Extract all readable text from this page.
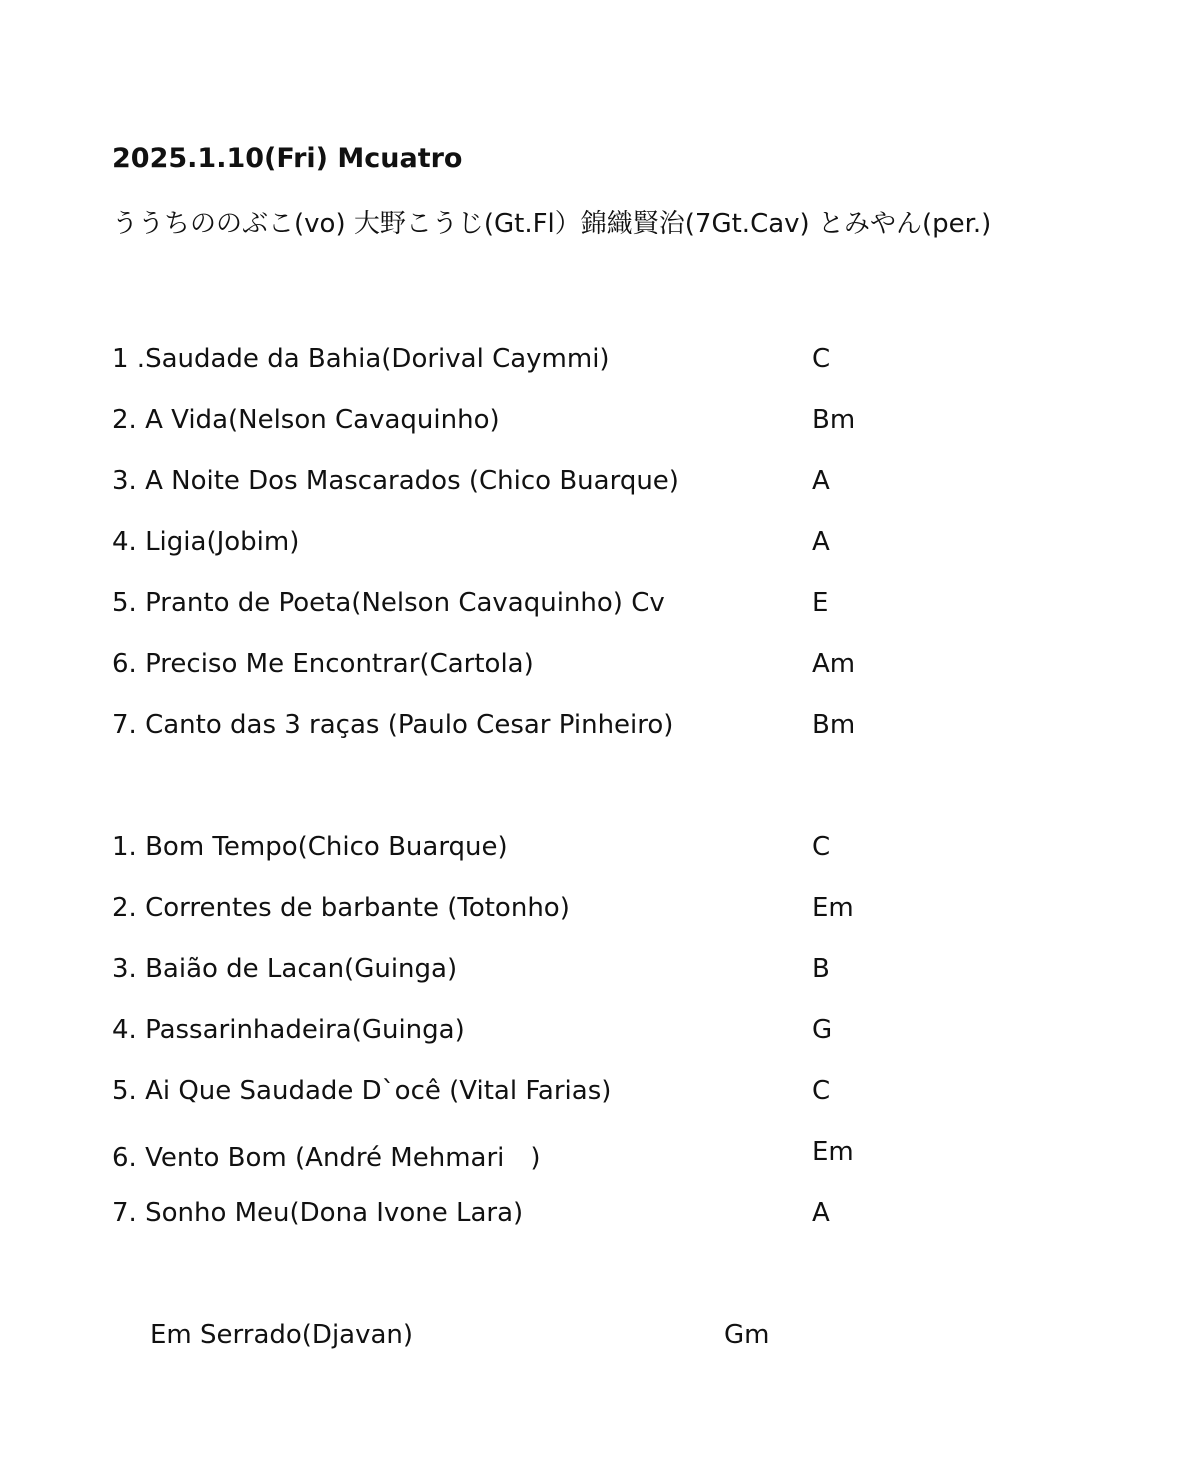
2025.1.10(Fri) Mcuatro
ううちののぶこ(vo) 大野こうじ(Gt.Fl）錦織賢治(7Gt.Cav) とみやん(per.)
1 .Saudade da Bahia(Dorival Caymmi)	C
2. A Vida(Nelson Cavaquinho)	Bm
3. A Noite Dos Mascarados (Chico Buarque)	A
4. Ligia(Jobim)	A
5. Pranto de Poeta(Nelson Cavaquinho) Cv	E
6. Preciso Me Encontrar(Cartola)	Am
7. Canto das 3 raças (Paulo Cesar Pinheiro)	Bm
1. Bom Tempo(Chico Buarque)	C
2. Correntes de barbante (Totonho)	Em
3. Baião de Lacan(Guinga)	B
4. Passarinhadeira(Guinga)	G
5. Ai Que Saudade D`ocê (Vital Farias)	C
6. Vento Bom (André Mehmari　)	Em
7. Sonho Meu(Dona Ivone Lara)	A
Em Serrado(Djavan)	Gm
